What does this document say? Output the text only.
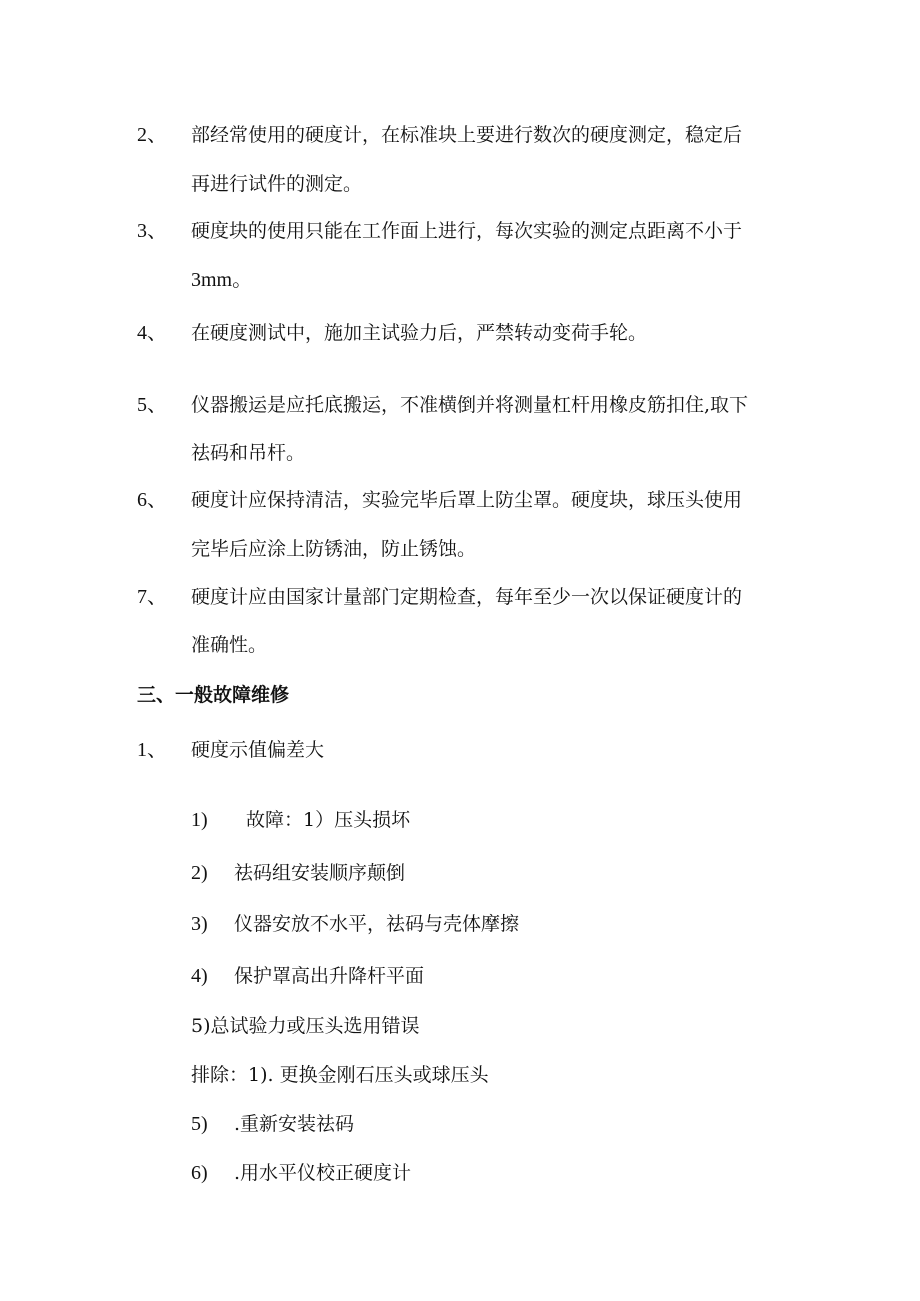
2、 部经常使用的硬度计，在标准块上要进行数次的硬度测定，稳定后
再进行试件的测定。
3、 硬度块的使用只能在工作面上进行，每次实验的测定点距离不小于
3mm。
4、 在硬度测试中，施加主试验力后，严禁转动变荷手轮。
5、 仪器搬运是应托底搬运，不准横倒并将测量杠杆用橡皮筋扣住,取下
祛码和吊杆。
6、 硬度计应保持清洁，实验完毕后罩上防尘罩。硬度块，球压头使用
完毕后应涂上防锈油，防止锈蚀。
7、 硬度计应由国家计量部门定期检查，每年至少一次以保证硬度计的
准确性。
三、一般故障维修
1、 硬度示值偏差大
1) 故障：1）压头损坏
2) 祛码组安装顺序颠倒
3) 仪器安放不水平，祛码与壳体摩擦
4) 保护罩高出升降杆平面
5)总试验力或压头选用错误
排除：1). 更换金刚石压头或球压头
5) .重新安装祛码
6) .用水平仪校正硬度计
